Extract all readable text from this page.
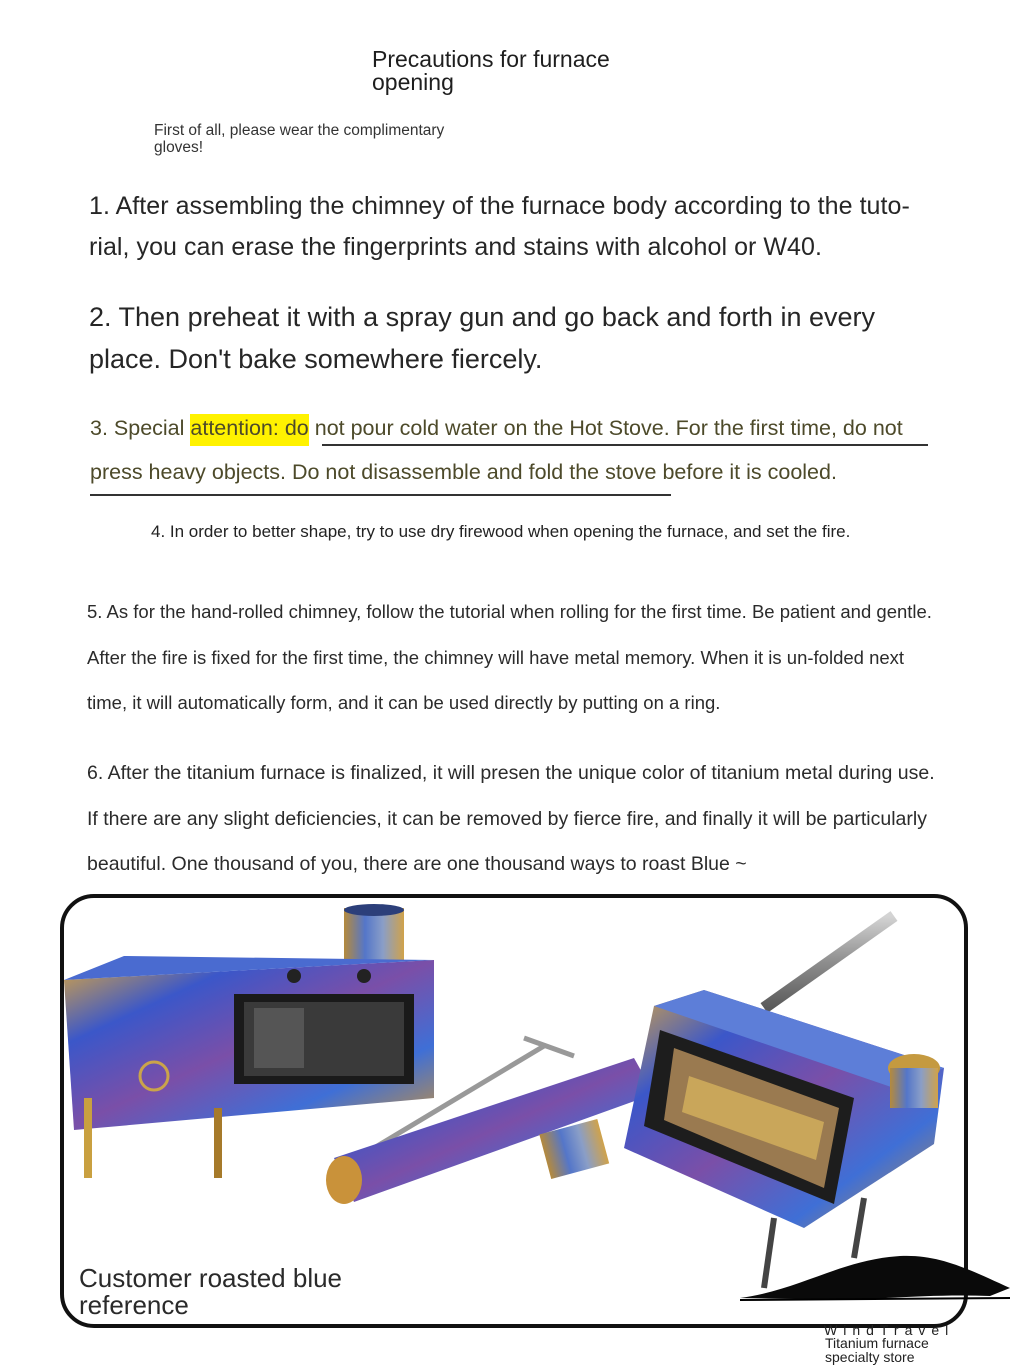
Precautions for furnace opening
First of all, please wear the complimentary gloves!
1. After assembling the chimney of the furnace body according to the tuto-rial, you can erase the fingerprints and stains with alcohol or W40.
2. Then preheat it with a spray gun and go back and forth in every place. Don't bake somewhere fiercely.
3. Special attention: do not pour cold water on the Hot Stove. For the first time, do not press heavy objects. Do not disassemble and fold the stove before it is cooled.
4. In order to better shape, try to use dry firewood when opening the furnace, and set the fire.
5. As for the hand-rolled chimney, follow the tutorial when rolling for the first time. Be patient and gentle. After the fire is fixed for the first time, the chimney will have metal memory. When it is un-folded next time, it will automatically form, and it can be used directly by putting on a ring.
6. After the titanium furnace is finalized, it will presen the unique color of titanium metal during use. If there are any slight deficiencies, it can be removed by fierce fire, and finally it will be particularly beautiful. One thousand of you, there are one thousand ways to roast Blue ~
Customer roasted blue reference
WindTravel
Titanium furnace specialty store
